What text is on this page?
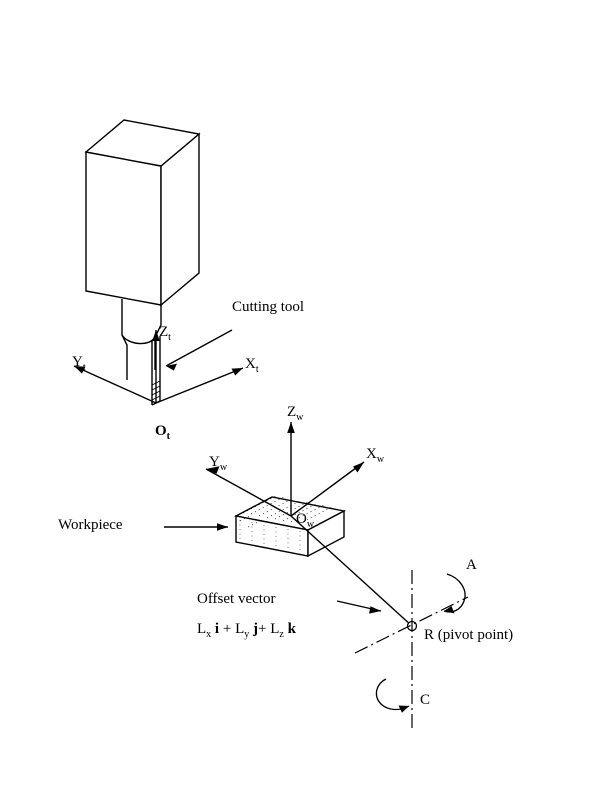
Cutting tool
Workpiece
Offset vector
$L_x$ $i + L_y$ $j+ L_z$ k	R (pivot point)
A
C
$Z_t$
$X_t$
$Y_t$
$O_t$
$Z_w$
$X_w$
$Y_w$
$O_w$
